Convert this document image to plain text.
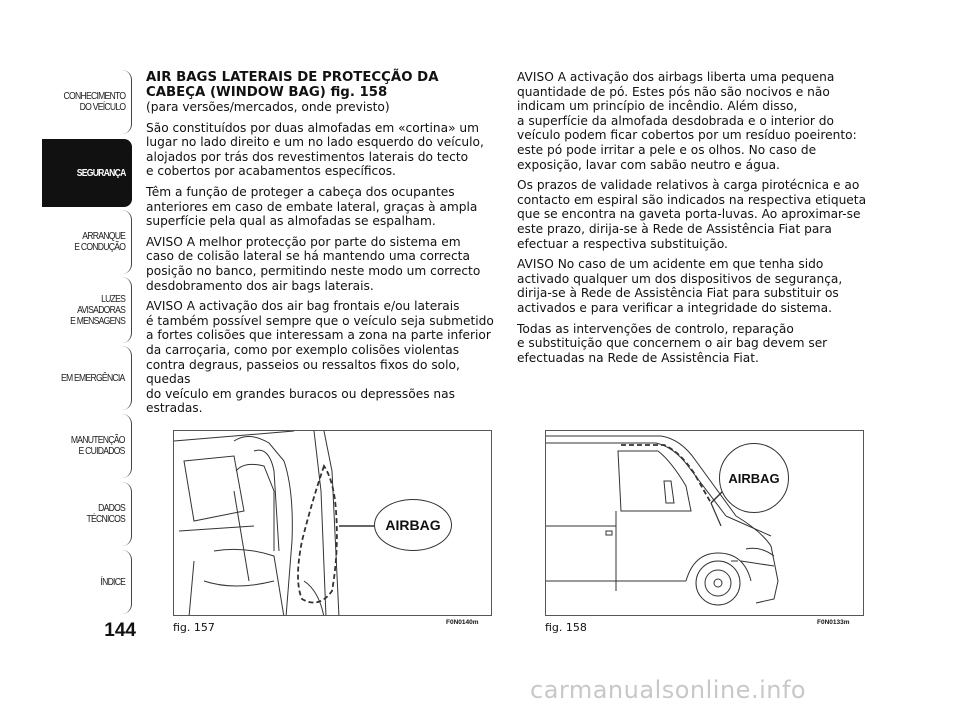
CONHECIMENTO
DO VEÍCULO
SEGURANÇA
ARRANQUE
E CONDUÇÃO
LUZES
AVISADORAS
E MENSAGENS
EM EMERGÊNCIA
MANUTENÇÃO
E CUIDADOS
DADOS
TÉCNICOS
ÍNDICE
144
AIR BAGS LATERAIS DE PROTECÇÃO DA
CABEÇA (WINDOW BAG) fig. 158

(para versões/mercados, onde previsto)

São constituídos por duas almofadas em «cortina» um
lugar no lado direito e um no lado esquerdo do veículo,
alojados por trás dos revestimentos laterais do tecto
e cobertos por acabamentos específicos.

Têm a função de proteger a cabeça dos ocupantes
anteriores em caso de embate lateral, graças à ampla
superfície pela qual as almofadas se espalham.

AVISO A melhor protecção por parte do sistema em
caso de colisão lateral se há mantendo uma correcta
posição no banco, permitindo neste modo um correcto
desdobramento dos air bags laterais.

AVISO A activação dos air bag frontais e/ou laterais
é também possível sempre que o veículo seja submetido
a fortes colisões que interessam a zona na parte inferior
da carroçaria, como por exemplo colisões violentas
contra degraus, passeios ou ressaltos fixos do solo, quedas
do veículo em grandes buracos ou depressões nas estradas.

AVISO A activação dos airbags liberta uma pequena
quantidade de pó. Estes pós não são nocivos e não
indicam um princípio de incêndio. Além disso,
a superfície da almofada desdobrada e o interior do
veículo podem ficar cobertos por um resíduo poeirento:
este pó pode irritar a pele e os olhos. No caso de
exposição, lavar com sabão neutro e água.

Os prazos de validade relativos à carga pirotécnica e ao
contacto em espiral são indicados na respectiva etiqueta
que se encontra na gaveta porta-luvas. Ao aproximar-se
este prazo, dirija-se à Rede de Assistência Fiat para
efectuar a respectiva substituição.

AVISO No caso de um acidente em que tenha sido
activado qualquer um dos dispositivos de segurança,
dirija-se à Rede de Assistência Fiat para substituir os
activados e para verificar a integridade do sistema.

Todas as intervenções de controlo, reparação
e substituição que concernem o air bag devem ser
efectuadas na Rede de Assistência Fiat.

AIRBAG
fig. 157	F0N0140m
AIRBAG
fig. 158	F0N0133m
carmanualsonline.info
